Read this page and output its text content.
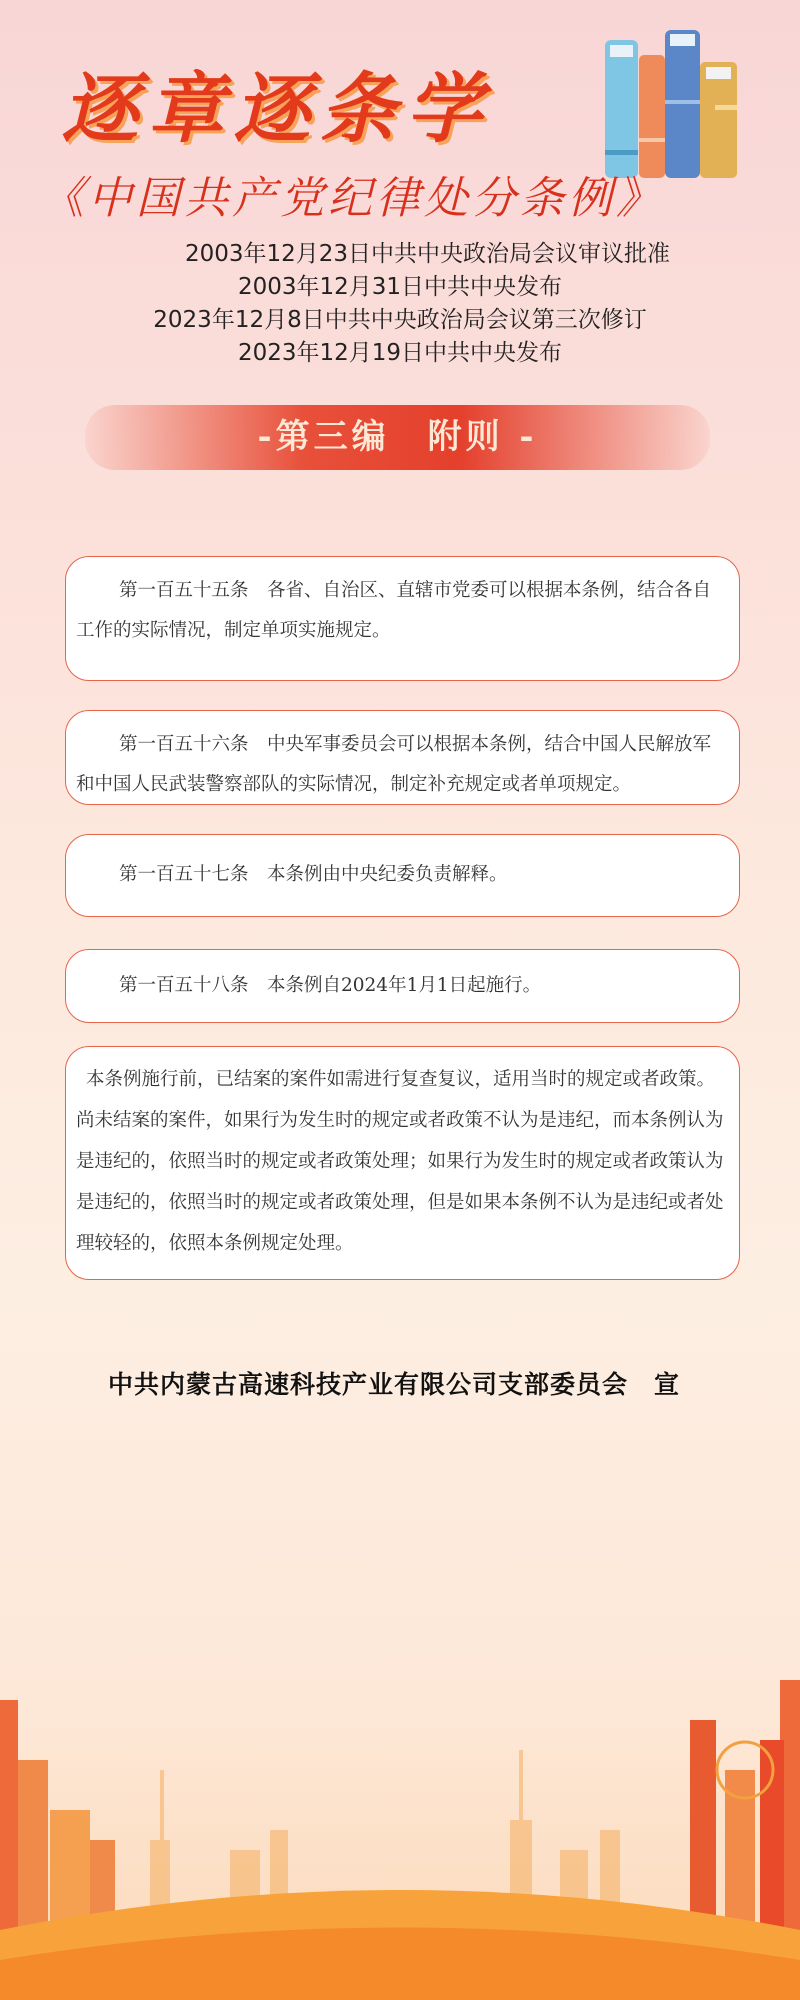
逐章逐条学
《中国共产党纪律处分条例》
2003年12月23日中共中央政治局会议审议批准
2003年12月31日中共中央发布
2023年12月8日中共中央政治局会议第三次修订
2023年12月19日中共中央发布
-第三编　附则 -
第一百五十五条　各省、自治区、直辖市党委可以根据本条例，结合各自工作的实际情况，制定单项实施规定。
第一百五十六条　中央军事委员会可以根据本条例，结合中国人民解放军和中国人民武装警察部队的实际情况，制定补充规定或者单项规定。
第一百五十七条　本条例由中央纪委负责解释。
第一百五十八条　本条例自2024年1月1日起施行。
本条例施行前，已结案的案件如需进行复查复议，适用当时的规定或者政策。尚未结案的案件，如果行为发生时的规定或者政策不认为是违纪，而本条例认为是违纪的，依照当时的规定或者政策处理；如果行为发生时的规定或者政策认为是违纪的，依照当时的规定或者政策处理，但是如果本条例不认为是违纪或者处理较轻的，依照本条例规定处理。
中共内蒙古高速科技产业有限公司支部委员会　宣
